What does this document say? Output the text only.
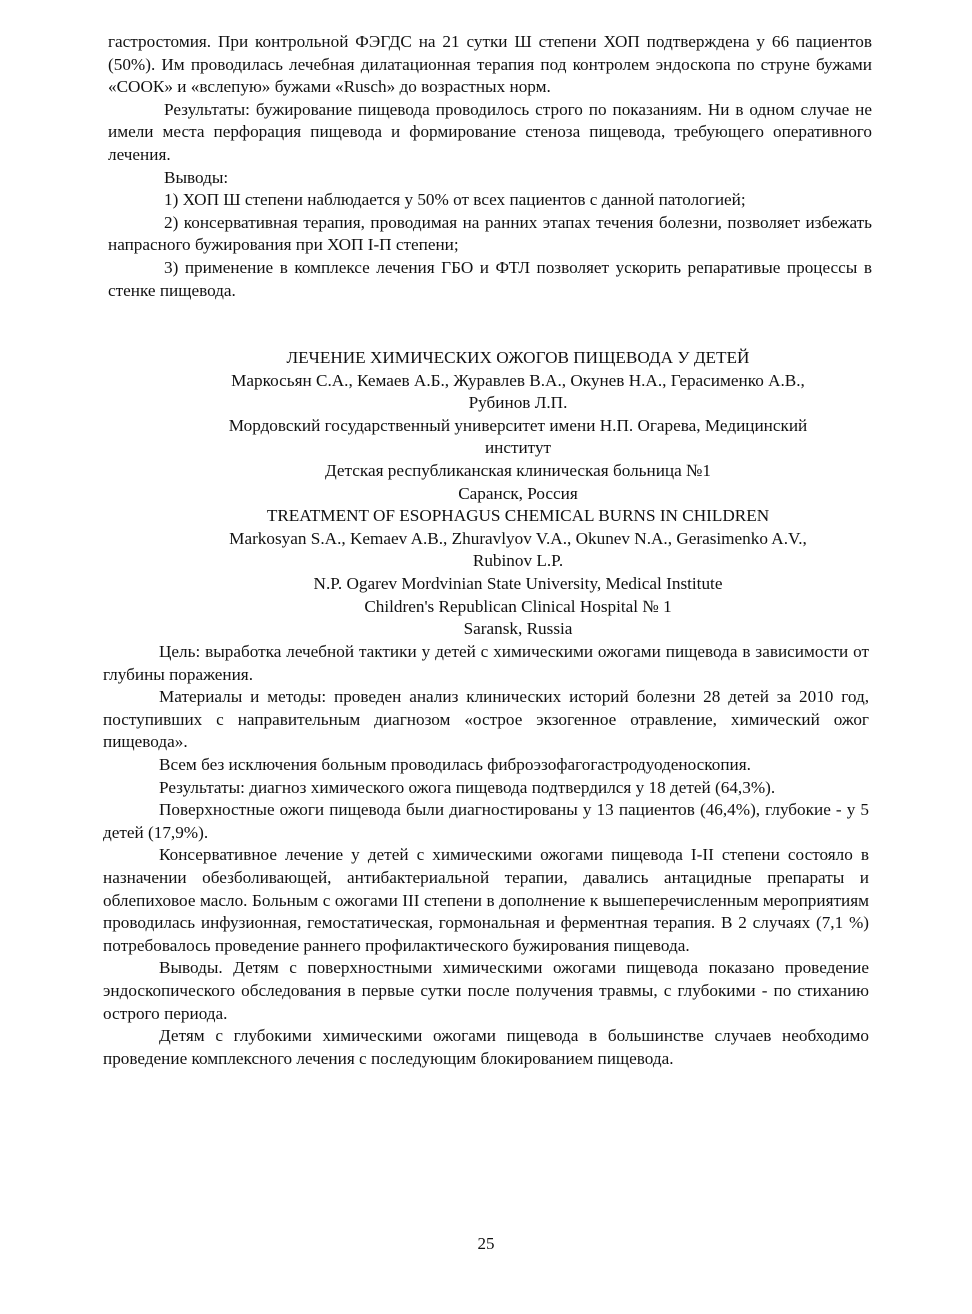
гастростомия. При контрольной ФЭГДС на 21 сутки Ш степени ХОП подтверждена у 66 пациентов (50%). Им проводилась лечебная дилатационная терапия под контролем эндоскопа по струне бужами «СООК» и «вслепую» бужами «Rusch» до возрастных норм.

Результаты: бужирование пищевода проводилось строго по показаниям. Ни в одном случае не имели места перфорация пищевода и формирование стеноза пищевода, требующего оперативного лечения.

Выводы:

1) ХОП Ш степени наблюдается у 50% от всех пациентов с данной патологией;

2) консервативная терапия, проводимая на ранних этапах течения болезни, позволяет избежать напрасного бужирования при ХОП I-П степени;

3) применение в комплексе лечения ГБО и ФТЛ позволяет ускорить репаративые процессы в стенке пищевода.

ЛЕЧЕНИЕ ХИМИЧЕСКИХ ОЖОГОВ ПИЩЕВОДА У ДЕТЕЙ
Маркосьян С.А., Кемаев А.Б., Журавлев В.А., Окунев Н.А., Герасименко А.В.,
Рубинов Л.П.
Мордовский государственный университет имени Н.П. Огарева, Медицинский
институт
Детская республиканская клиническая больница №1
Саранск, Россия
TREATMENT OF ESOPHAGUS CHEMICAL BURNS IN CHILDREN
Markosyan S.A., Kemaev A.B., Zhuravlyov V.A., Okunev N.A., Gerasimenko A.V.,
Rubinov L.P.
N.P. Ogarev Mordvinian State University, Medical Institute
Children's Republican Clinical Hospital № 1
Saransk, Russia

Цель: выработка лечебной тактики у детей с химическими ожогами пищевода в зависимости от глубины поражения.

Материалы и методы: проведен анализ клинических историй болезни 28 детей за 2010 год, поступивших с направительным диагнозом «острое экзогенное отравление, химический ожог пищевода».

Всем без исключения больным проводилась фиброэзофагогастродуоденоскопия.

Результаты: диагноз химического ожога пищевода подтвердился у 18 детей (64,3%).

Поверхностные ожоги пищевода были диагностированы у 13 пациентов (46,4%), глубокие - у 5 детей (17,9%).

Консервативное лечение у детей с химическими ожогами пищевода I-II степени состояло в назначении обезболивающей, антибактериальной терапии, давались антацидные препараты и облепиховое масло. Больным с ожогами III степени в дополнение к вышеперечисленным мероприятиям проводилась инфузионная, гемостатическая, гормональная и ферментная терапия. В 2 случаях (7,1 %) потребовалось проведение раннего профилактического бужирования пищевода.

Выводы. Детям с поверхностными химическими ожогами пищевода показано проведение эндоскопического обследования в первые сутки после получения травмы, с глубокими - по стиханию острого периода.

Детям с глубокими химическими ожогами пищевода в большинстве случаев необходимо проведение комплексного лечения с последующим блокированием пищевода.

25
